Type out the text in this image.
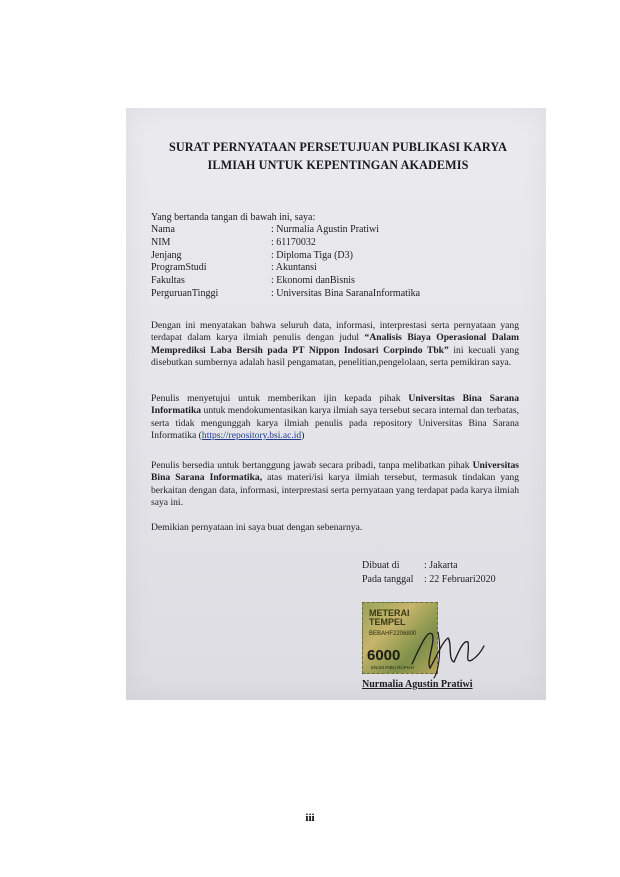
SURAT PERNYATAAN PERSETUJUAN PUBLIKASI KARYA
ILMIAH UNTUK KEPENTINGAN AKADEMIS
Yang bertanda tangan di bawah ini, saya:
Nama	: Nurmalia Agustin Pratiwi
NIM	: 61170032
Jenjang	: Diploma Tiga (D3)
ProgramStudi	: Akuntansi
Fakultas	: Ekonomi danBisnis
PerguruanTinggi	: Universitas Bina SaranaInformatika
Dengan ini menyatakan bahwa seluruh data, informasi, interprestasi serta pernyataan yang terdapat dalam karya ilmiah penulis dengan judul “Analisis Biaya Operasional Dalam Memprediksi Laba Bersih pada PT Nippon Indosari Corpindo Tbk” ini kecuali yang disebutkan sumbernya adalah hasil pengamatan, penelitian,pengelolaan, serta pemikiran saya.
Penulis menyetujui untuk memberikan ijin kepada pihak Universitas Bina Sarana Informatika untuk mendokumentasikan karya ilmiah saya tersebut secara internal dan terbatas, serta tidak mengunggah karya ilmiah penulis pada repository Universitas Bina Sarana Informatika (https://repository.bsi.ac.id)
Penulis bersedia untuk bertanggung jawab secara pribadi, tanpa melibatkan pihak Universitas Bina Sarana Informatika, atas materi/isi karya ilmiah tersebut, termasuk tindakan yang berkaitan dengan data, informasi, interprestasi serta pernyataan yang terdapat pada karya ilmiah saya ini.
Demikian pernyataan ini saya buat dengan sebenarnya.
Dibuat di	: Jakarta
Pada tanggal	: 22 Februari2020
METERAI
TEMPEL
BEBAHF2206800
6000
ENAM RIBU RUPIAH
Nurmalia Agustin Pratiwi
iii
